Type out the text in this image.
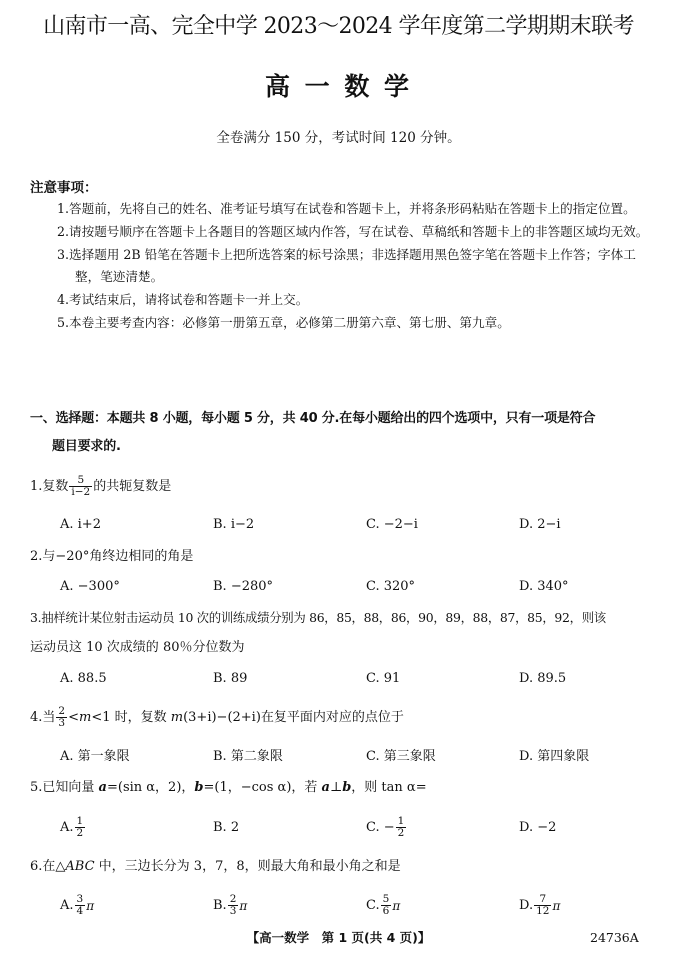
山南市一高、完全中学 2023～2024 学年度第二学期期末联考
高 一 数 学
全卷满分 150 分，考试时间 120 分钟。
注意事项：
1.答题前，先将自己的姓名、准考证号填写在试卷和答题卡上，并将条形码粘贴在答题卡上的指定位置。
2.请按题号顺序在答题卡上各题目的答题区域内作答，写在试卷、草稿纸和答题卡上的非答题区域均无效。
3.选择题用 2B 铅笔在答题卡上把所选答案的标号涂黑；非选择题用黑色签字笔在答题卡上作答；字体工整，笔迹清楚。
4.考试结束后，请将试卷和答题卡一并上交。
5.本卷主要考查内容：必修第一册第五章，必修第二册第六章、第七册、第九章。
一、选择题：本题共 8 小题，每小题 5 分，共 40 分.在每小题给出的四个选项中，只有一项是符合
题目要求的.
1.复数 $\frac{5}{i-2}$ 的共轭复数是
A. i+2	B. i−2	C. −2−i	D. 2−i
2.与−20°角终边相同的角是
A. −300°	B. −280°	C. 320°	D. 340°
3.抽样统计某位射击运动员 10 次的训练成绩分别为 86，85，88，86，90，89，88，87，85，92，则该
运动员这 10 次成绩的 80％分位数为
A. 88.5	B. 89	C. 91	D. 89.5
4.当 $\frac{2}{3} <m<1$ 时，复数 m(3+i)−(2+i)在复平面内对应的点位于
A. 第一象限	B. 第二象限	C. 第三象限	D. 第四象限
5.已知向量 a=(sin α，2)，b=(1，−cos α)，若 a⊥b，则 tan α=
A. $\frac{1}{2}$	B. 2	C. − $\frac{1}{2}$	D. −2
6.在△ABC 中，三边长分为 3，7，8，则最大角和最小角之和是
A. $\frac{3}{4}$ π	B. $\frac{2}{3}$ π	C. $\frac{5}{6}$ π	D. $\frac{7}{12}$ π
【高一数学　第 1 页(共 4 页)】	24736A
